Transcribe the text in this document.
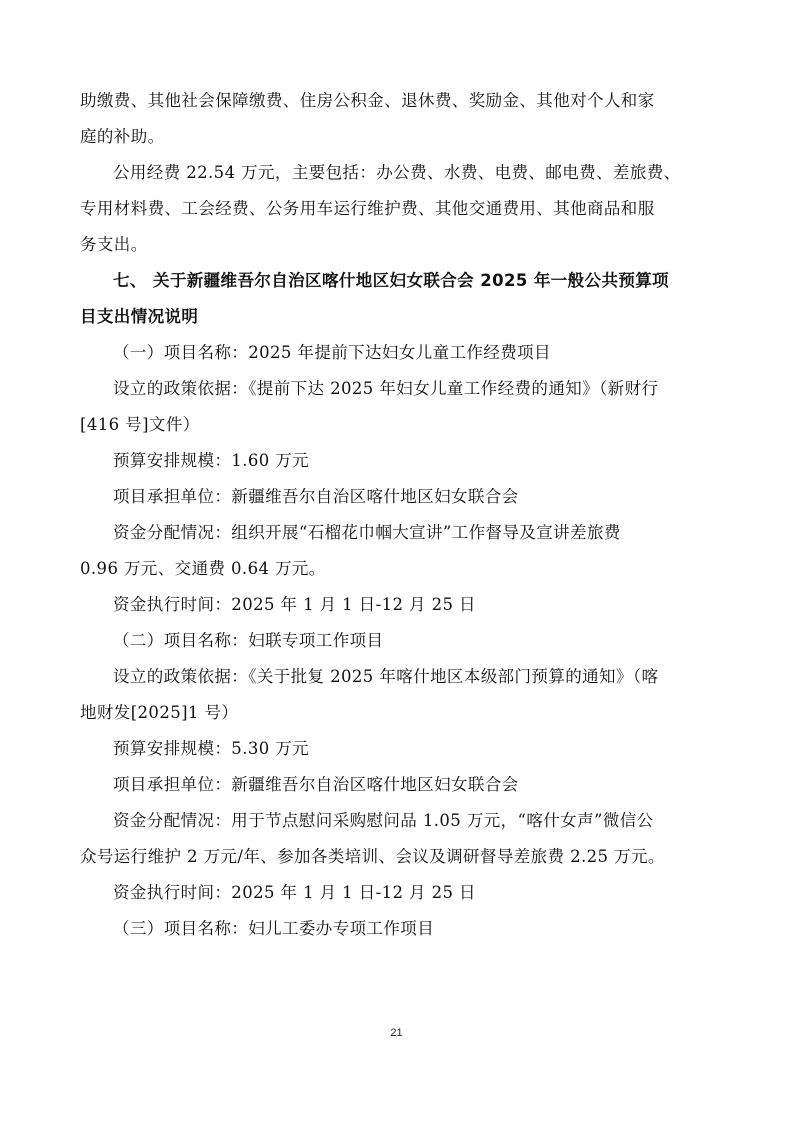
助缴费、其他社会保障缴费、住房公积金、退休费、奖励金、其他对个人和家
庭的补助。
公用经费 22.54 万元，主要包括：办公费、水费、电费、邮电费、差旅费、
专用材料费、工会经费、公务用车运行维护费、其他交通费用、其他商品和服
务支出。
七、 关于新疆维吾尔自治区喀什地区妇女联合会 2025 年一般公共预算项
目支出情况说明
（一）项目名称：2025 年提前下达妇女儿童工作经费项目
设立的政策依据：《提前下达 2025 年妇女儿童工作经费的通知》（新财行
[416 号]文件）
预算安排规模：1.60 万元
项目承担单位：新疆维吾尔自治区喀什地区妇女联合会
资金分配情况：组织开展“石榴花巾帼大宣讲”工作督导及宣讲差旅费
0.96 万元、交通费 0.64 万元。
资金执行时间：2025 年 1 月 1 日-12 月 25 日
（二）项目名称：妇联专项工作项目
设立的政策依据：《关于批复 2025 年喀什地区本级部门预算的通知》（喀
地财发[2025]1 号）
预算安排规模：5.30 万元
项目承担单位：新疆维吾尔自治区喀什地区妇女联合会
资金分配情况：用于节点慰问采购慰问品 1.05 万元，“喀什女声”微信公
众号运行维护 2 万元/年、参加各类培训、会议及调研督导差旅费 2.25 万元。
资金执行时间：2025 年 1 月 1 日-12 月 25 日
（三）项目名称：妇儿工委办专项工作项目
21
